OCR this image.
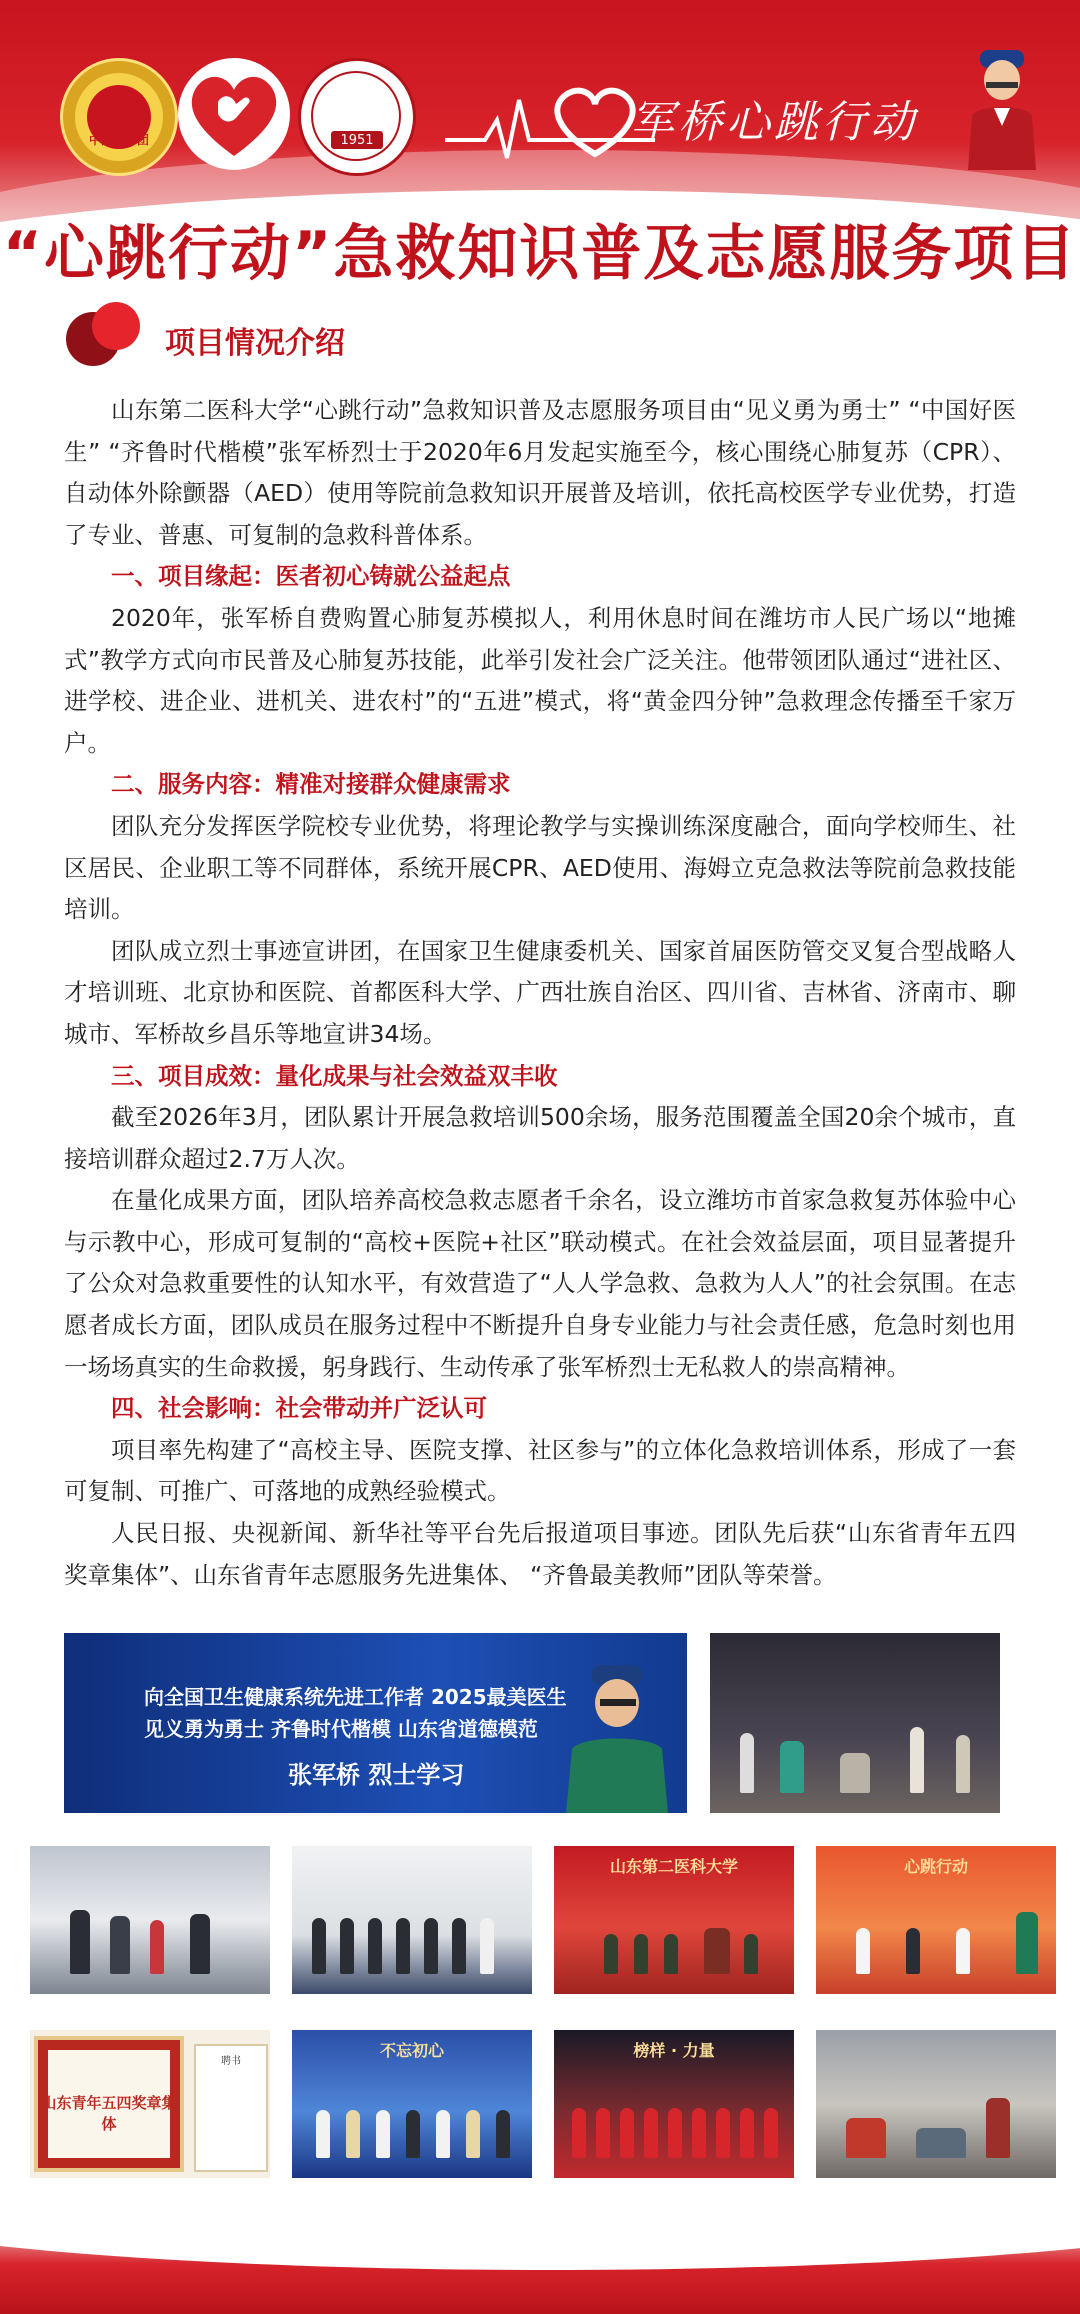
中国共青团	1951	军桥心跳行动
“心跳行动”急救知识普及志愿服务项目
项目情况介绍

山东第二医科大学“心跳行动”急救知识普及志愿服务项目由“见义勇为勇士” “中国好医生” “齐鲁时代楷模”张军桥烈士于2020年6月发起实施至今，核心围绕心肺复苏（CPR）、自动体外除颤器（AED）使用等院前急救知识开展普及培训，依托高校医学专业优势，打造了专业、普惠、可复制的急救科普体系。

一、项目缘起：医者初心铸就公益起点

2020年，张军桥自费购置心肺复苏模拟人，利用休息时间在潍坊市人民广场以“地摊式”教学方式向市民普及心肺复苏技能，此举引发社会广泛关注。他带领团队通过“进社区、进学校、进企业、进机关、进农村”的“五进”模式，将“黄金四分钟”急救理念传播至千家万户。

二、服务内容：精准对接群众健康需求

团队充分发挥医学院校专业优势，将理论教学与实操训练深度融合，面向学校师生、社区居民、企业职工等不同群体，系统开展CPR、AED使用、海姆立克急救法等院前急救技能培训。

团队成立烈士事迹宣讲团，在国家卫生健康委机关、国家首届医防管交叉复合型战略人才培训班、北京协和医院、首都医科大学、广西壮族自治区、四川省、吉林省、济南市、聊城市、军桥故乡昌乐等地宣讲34场。

三、项目成效：量化成果与社会效益双丰收

截至2026年3月，团队累计开展急救培训500余场，服务范围覆盖全国20余个城市，直接培训群众超过2.7万人次。

在量化成果方面，团队培养高校急救志愿者千余名，设立潍坊市首家急救复苏体验中心与示教中心，形成可复制的“高校+医院+社区”联动模式。在社会效益层面，项目显著提升了公众对急救重要性的认知水平，有效营造了“人人学急救、急救为人人”的社会氛围。在志愿者成长方面，团队成员在服务过程中不断提升自身专业能力与社会责任感，危急时刻也用一场场真实的生命救援，躬身践行、生动传承了张军桥烈士无私救人的崇高精神。

四、社会影响：社会带动并广泛认可

项目率先构建了“高校主导、医院支撑、社区参与”的立体化急救培训体系，形成了一套可复制、可推广、可落地的成熟经验模式。

人民日报、央视新闻、新华社等平台先后报道项目事迹。团队先后获“山东省青年五四奖章集体”、山东省青年志愿服务先进集体、 “齐鲁最美教师”团队等荣誉。

向全国卫生健康系统先进工作者 2025最美医生
见义勇为勇士 齐鲁时代楷模 山东省道德模范
张军桥 烈士学习
山东第二医科大学	心跳行动
山东青年五四奖章集体
聘书
不忘初心	榜样 · 力量
